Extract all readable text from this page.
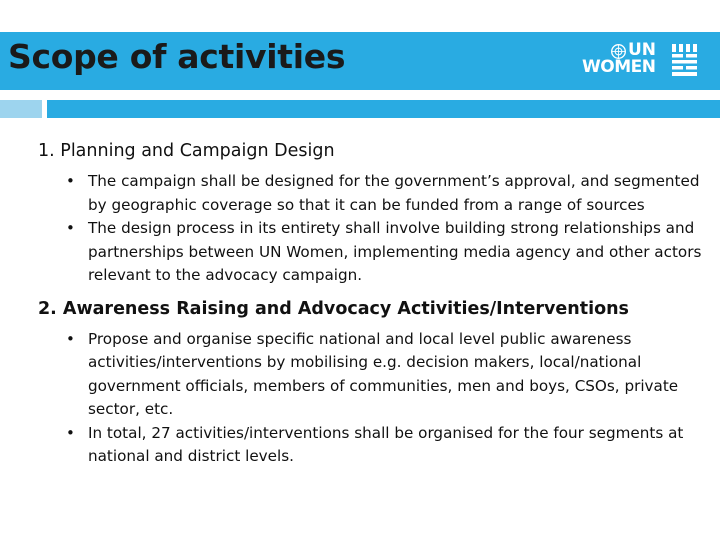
Scope of activities	UN
WOMEN
1. Planning and Campaign Design
• The campaign shall be designed for the government’s approval, and segmented by geographic coverage so that it can be funded from a range of sources
• The design process in its entirety shall involve building strong relationships and partnerships between UN Women, implementing media agency and other actors relevant to the advocacy campaign.
2. Awareness Raising and Advocacy Activities/Interventions
• Propose and organise specific national and local level public awareness activities/interventions by mobilising e.g. decision makers, local/national government officials, members of communities, men and boys, CSOs, private sector, etc.
• In total, 27 activities/interventions shall be organised for the four segments at national and district levels.
